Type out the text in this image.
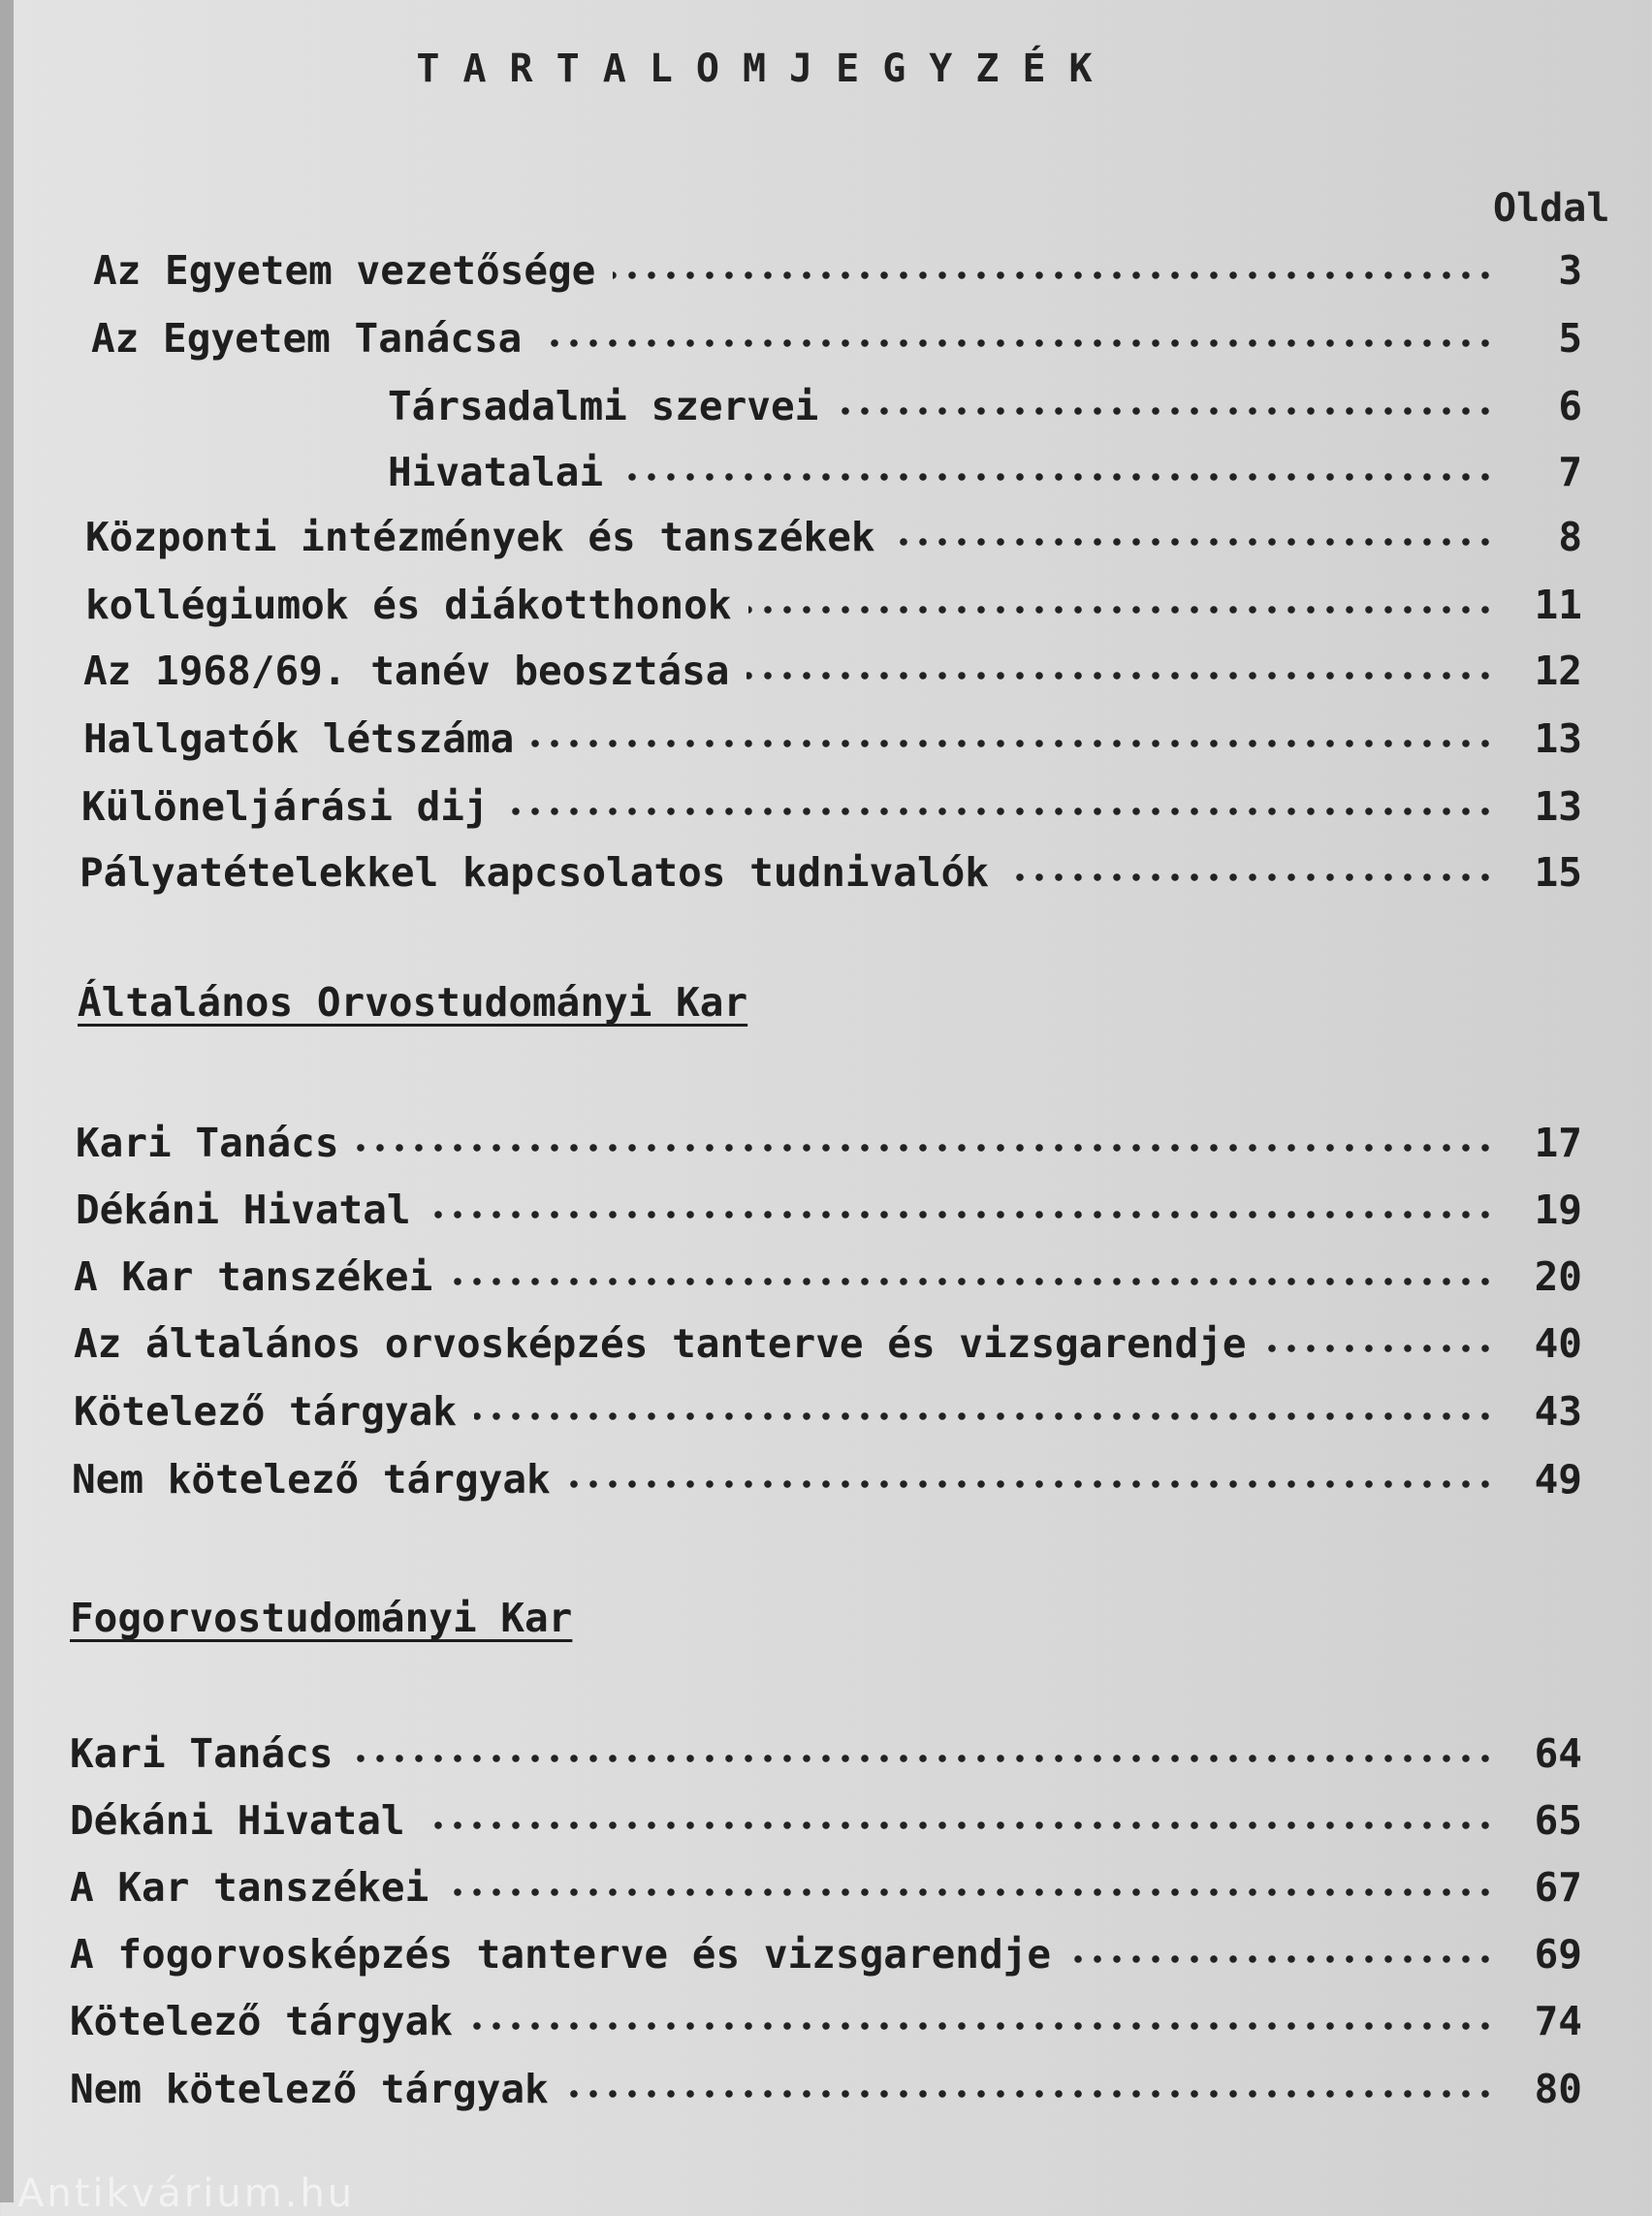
TARTALOMJEGYZÉK
Oldal
Az Egyetem vezetősége	3
Az Egyetem Tanácsa	5
Társadalmi szervei	6
Hivatalai	7
Központi intézmények és tanszékek	8
kollégiumok és diákotthonok	11
Az 1968/69. tanév beosztása	12
Hallgatók létszáma	13
Különeljárási dij	13
Pályatételekkel kapcsolatos tudnivalók	15
Általános Orvostudományi Kar
Kari Tanács	17
Dékáni Hivatal	19
A Kar tanszékei	20
Az általános orvosképzés tanterve és vizsgarendje	40
Kötelező tárgyak	43
Nem kötelező tárgyak	49
Fogorvostudományi Kar
Kari Tanács	64
Dékáni Hivatal	65
A Kar tanszékei	67
A fogorvosképzés tanterve és vizsgarendje	69
Kötelező tárgyak	74
Nem kötelező tárgyak	80
Antikvárium.hu
